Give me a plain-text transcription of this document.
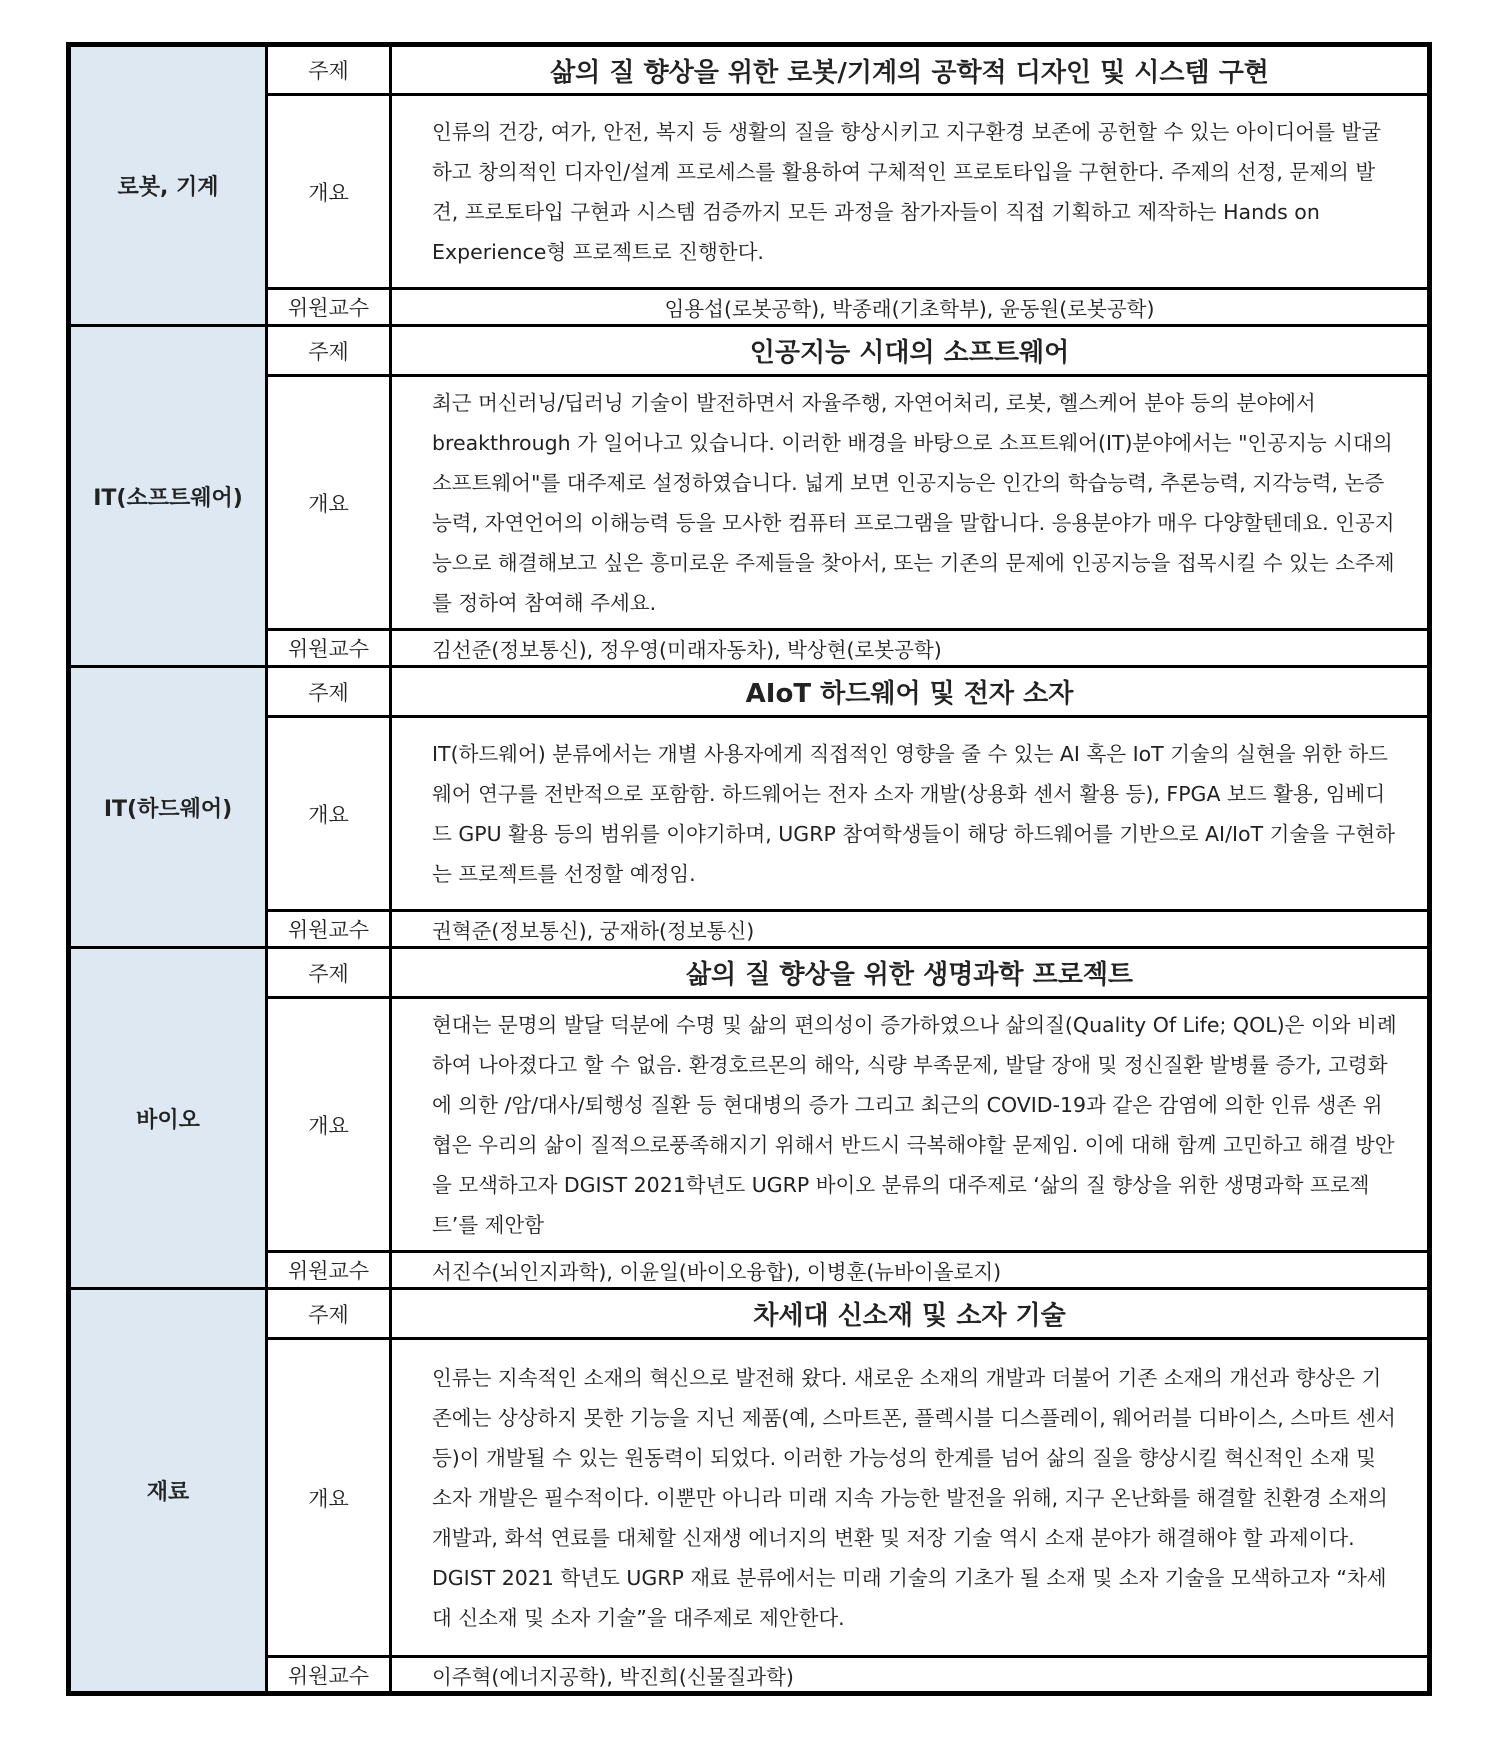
로봇, 기계	주제	삶의 질 향상을 위한 로봇/기계의 공학적 디자인 및 시스템 구현
	개요	인류의 건강, 여가, 안전, 복지 등 생활의 질을 향상시키고 지구환경 보존에 공헌할 수 있는 아이디어를 발굴하고 창의적인 디자인/설계 프로세스를 활용하여 구체적인 프로토타입을 구현한다. 주제의 선정, 문제의 발견, 프로토타입 구현과 시스템 검증까지 모든 과정을 참가자들이 직접 기획하고 제작하는 Hands on Experience형 프로젝트로 진행한다.
	위원교수	임용섭(로봇공학), 박종래(기초학부), 윤동원(로봇공학)
IT(소프트웨어)	주제	인공지능 시대의 소프트웨어
	개요	최근 머신러닝/딥러닝 기술이 발전하면서 자율주행, 자연어처리, 로봇, 헬스케어 분야 등의 분야에서 breakthrough 가 일어나고 있습니다. 이러한 배경을 바탕으로 소프트웨어(IT)분야에서는 "인공지능 시대의 소프트웨어"를 대주제로 설정하였습니다. 넓게 보면 인공지능은 인간의 학습능력, 추론능력, 지각능력, 논증능력, 자연언어의 이해능력 등을 모사한 컴퓨터 프로그램을 말합니다. 응용분야가 매우 다양할텐데요. 인공지능으로 해결해보고 싶은 흥미로운 주제들을 찾아서, 또는 기존의 문제에 인공지능을 접목시킬 수 있는 소주제를 정하여 참여해 주세요.
	위원교수	김선준(정보통신), 정우영(미래자동차), 박상현(로봇공학)
IT(하드웨어)	주제	AIoT 하드웨어 및 전자 소자
	개요	IT(하드웨어) 분류에서는 개별 사용자에게 직접적인 영향을 줄 수 있는 AI 혹은 IoT 기술의 실현을 위한 하드웨어 연구를 전반적으로 포함함. 하드웨어는 전자 소자 개발(상용화 센서 활용 등), FPGA 보드 활용, 임베디드 GPU 활용 등의 범위를 이야기하며, UGRP 참여학생들이 해당 하드웨어를 기반으로 AI/IoT 기술을 구현하는 프로젝트를 선정할 예정임.
	위원교수	권혁준(정보통신), 궁재하(정보통신)
바이오	주제	삶의 질 향상을 위한 생명과학 프로젝트
	개요	현대는 문명의 발달 덕분에 수명 및 삶의 편의성이 증가하였으나 삶의질(Quality Of Life; QOL)은 이와 비례하여 나아졌다고 할 수 없음. 환경호르몬의 해악, 식량 부족문제, 발달 장애 및 정신질환 발병률 증가, 고령화에 의한 /암/대사/퇴행성 질환 등 현대병의 증가 그리고 최근의 COVID-19과 같은 감염에 의한 인류 생존 위협은 우리의 삶이 질적으로풍족해지기 위해서 반드시 극복해야할 문제임. 이에 대해 함께 고민하고 해결 방안을 모색하고자 DGIST 2021학년도 UGRP 바이오 분류의 대주제로 ‘삶의 질 향상을 위한 생명과학 프로젝트’를 제안함
	위원교수	서진수(뇌인지과학), 이윤일(바이오융합), 이병훈(뉴바이올로지)
재료	주제	차세대 신소재 및 소자 기술
	개요	인류는 지속적인 소재의 혁신으로 발전해 왔다. 새로운 소재의 개발과 더불어 기존 소재의 개선과 향상은 기존에는 상상하지 못한 기능을 지닌 제품(예, 스마트폰, 플렉시블 디스플레이, 웨어러블 디바이스, 스마트 센서 등)이 개발될 수 있는 원동력이 되었다. 이러한 가능성의 한계를 넘어 삶의 질을 향상시킬 혁신적인 소재 및 소자 개발은 필수적이다. 이뿐만 아니라 미래 지속 가능한 발전을 위해, 지구 온난화를 해결할 친환경 소재의 개발과, 화석 연료를 대체할 신재생 에너지의 변환 및 저장 기술 역시 소재 분야가 해결해야 할 과제이다. DGIST 2021 학년도 UGRP 재료 분류에서는 미래 기술의 기초가 될 소재 및 소자 기술을 모색하고자 “차세대 신소재 및 소자 기술”을 대주제로 제안한다.
	위원교수	이주혁(에너지공학), 박진희(신물질과학)
